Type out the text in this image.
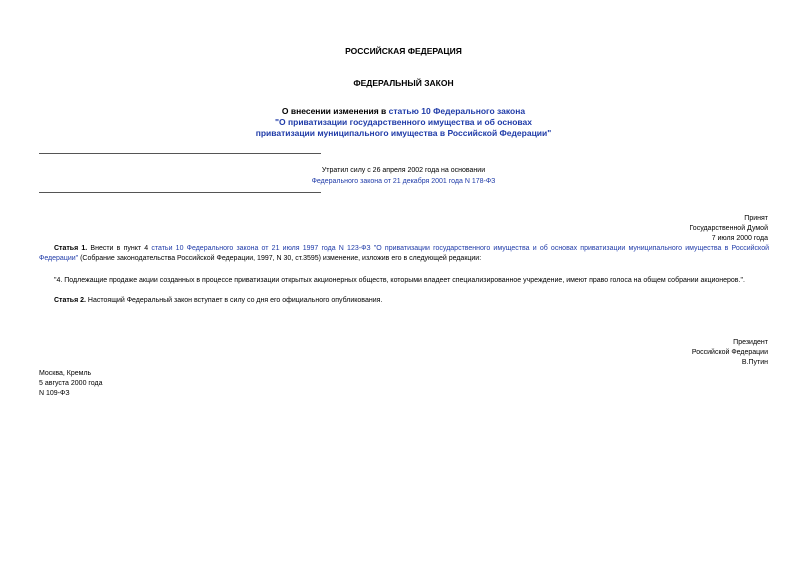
РОССИЙСКАЯ ФЕДЕРАЦИЯ
ФЕДЕРАЛЬНЫЙ ЗАКОН
О внесении изменения в статью 10 Федерального закона
"О приватизации государственного имущества и об основах
приватизации муниципального имущества в Российской Федерации"
Утратил силу с 26 апреля 2002 года на основании
Федерального закона от 21 декабря 2001 года N 178-ФЗ
Принят
Государственной Думой
7 июля 2000 года
Статья 1. Внести в пункт 4 статьи 10 Федерального закона от 21 июля 1997 года N 123-ФЗ "О приватизации государственного имущества и об основах приватизации муниципального имущества в Российской Федерации" (Собрание законодательства Российской Федерации, 1997, N 30, ст.3595) изменение, изложив его в следующей редакции:
"4. Подлежащие продаже акции созданных в процессе приватизации открытых акционерных обществ, которыми владеет специализированное учреждение, имеют право голоса на общем собрании акционеров.".
Статья 2. Настоящий Федеральный закон вступает в силу со дня его официального опубликования.
Президент
Российской Федерации
В.Путин
Москва, Кремль
5 августа 2000 года
N 109-ФЗ
